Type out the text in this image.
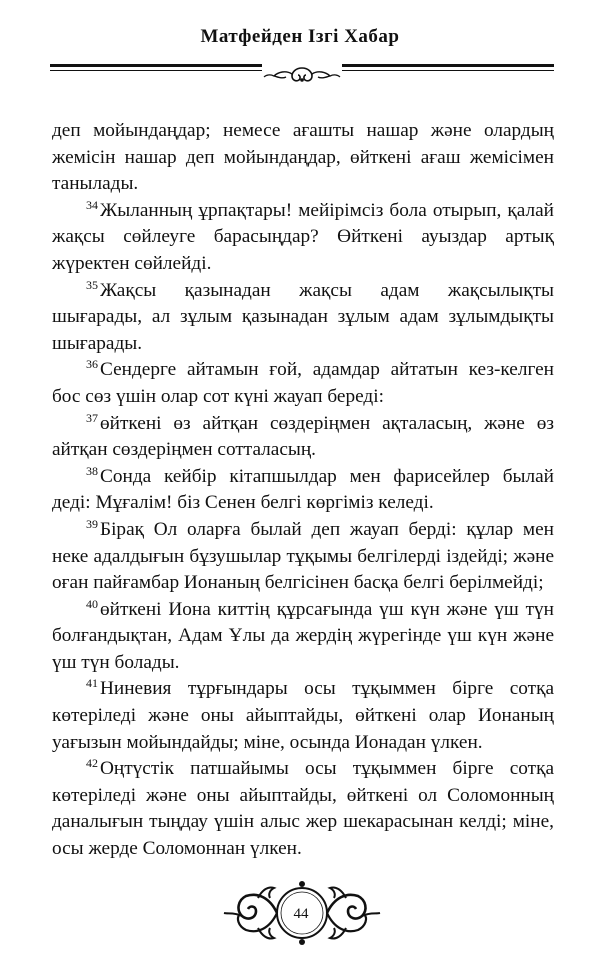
Матфейден Ізгі Хабар

деп мойындаңдар; немесе ағашты нашар және олардың жемісін нашар деп мойындаңдар, өйткені ағаш жемісімен танылады.

$^{34}$ Жыланның ұрпақтары! мейірімсіз бола отырып, қалай жақсы сөйлеуге барасыңдар? Өйткені ауыздар артық жүректен сөйлейді.

$^{35}$ Жақсы қазынадан жақсы адам жақсылықты шығарады, ал зұлым қазынадан зұлым адам зұлымдықты шығарады.

$^{36}$ Сендерге айтамын ғой, адамдар айтатын кез-келген бос сөз үшін олар сот күні жауап береді:

$^{37}$ өйткені өз айтқан сөздеріңмен ақталасың, және өз айтқан сөздеріңмен сотталасың.

$^{38}$ Сонда кейбір кітапшылдар мен фарисейлер былай деді: Мұғалім! біз Сенен белгі көргіміз келеді.

$^{39}$ Бірақ Ол оларға былай деп жауап берді: құлар мен неке адалдығын бұзушылар тұқымы белгілерді іздейді; және оған пайғамбар Ионаның белгісінен басқа белгі берілмейді;

$^{40}$ өйткені Иона киттің құрсағында үш күн және үш түн болғандықтан, Адам Ұлы да жердің жүрегінде үш күн және үш түн болады.

$^{41}$ Ниневия тұрғындары осы тұқыммен бірге сотқа көтеріледі және оны айыптайды, өйткені олар Ионаның уағызын мойындайды; міне, осында Ионадан үлкен.

$^{42}$ Оңтүстік патшайымы осы тұқыммен бірге сотқа көтеріледі және оны айыптайды, өйткені ол Соломонның даналығын тыңдау үшін алыс жер шекарасынан келді; міне, осы жерде Соломоннан үлкен.

44
